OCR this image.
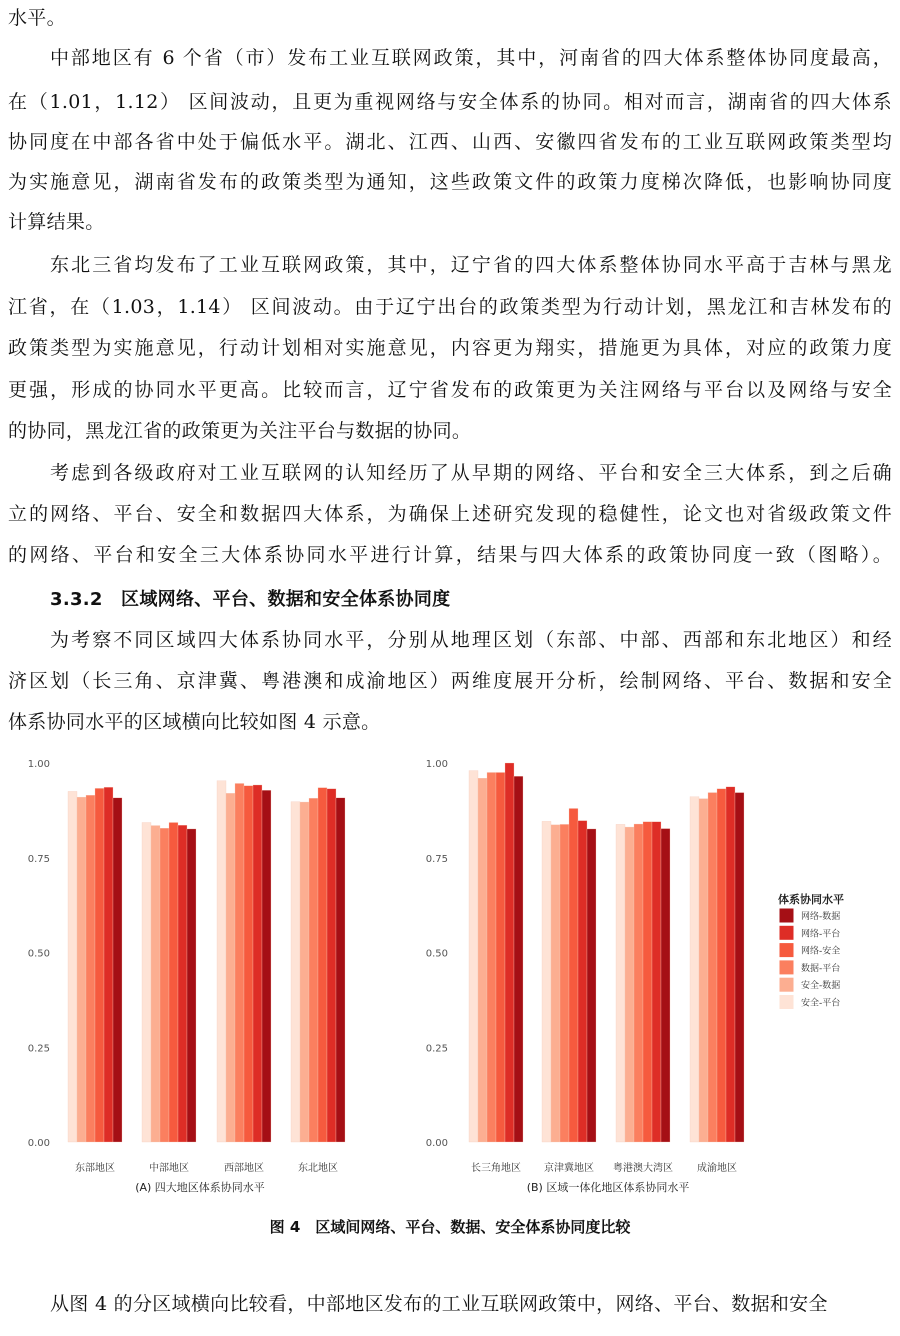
水平。
中部地区有 6 个省（市）发布工业互联网政策，其中，河南省的四大体系整体协同度最高，
在（1.01，1.12） 区间波动，且更为重视网络与安全体系的协同。相对而言，湖南省的四大体系
协同度在中部各省中处于偏低水平。湖北、江西、山西、安徽四省发布的工业互联网政策类型均
为实施意见，湖南省发布的政策类型为通知，这些政策文件的政策力度梯次降低，也影响协同度
计算结果。
东北三省均发布了工业互联网政策，其中，辽宁省的四大体系整体协同水平高于吉林与黑龙
江省，在（1.03，1.14） 区间波动。由于辽宁出台的政策类型为行动计划，黑龙江和吉林发布的
政策类型为实施意见，行动计划相对实施意见，内容更为翔实，措施更为具体，对应的政策力度
更强，形成的协同水平更高。比较而言，辽宁省发布的政策更为关注网络与平台以及网络与安全
的协同，黑龙江省的政策更为关注平台与数据的协同。
考虑到各级政府对工业互联网的认知经历了从早期的网络、平台和安全三大体系，到之后确
立的网络、平台、安全和数据四大体系，为确保上述研究发现的稳健性，论文也对省级政策文件
的网络、平台和安全三大体系协同水平进行计算，结果与四大体系的政策协同度一致（图略）。
3.3.2　区域网络、平台、数据和安全体系协同度
为考察不同区域四大体系协同水平，分别从地理区划（东部、中部、西部和东北地区）和经
济区划（长三角、京津冀、粤港澳和成渝地区）两维度展开分析，绘制网络、平台、数据和安全
体系协同水平的区域横向比较如图 4 示意。
0.00
0.25
0.50
0.75
1.00
东部地区	中部地区	西部地区	东北地区
(A) 四大地区体系协同水平
0.00
0.25
0.50
0.75
1.00
长三角地区 京津冀地区 粤港澳大湾区 成渝地区
(B) 区域一体化地区体系协同水平
体系协同水平
网络-数据
网络-平台
网络-安全
数据-平台
安全-数据
安全-平台
图 4　区域间网络、平台、数据、安全体系协同度比较
从图 4 的分区域横向比较看，中部地区发布的工业互联网政策中，网络、平台、数据和安全
